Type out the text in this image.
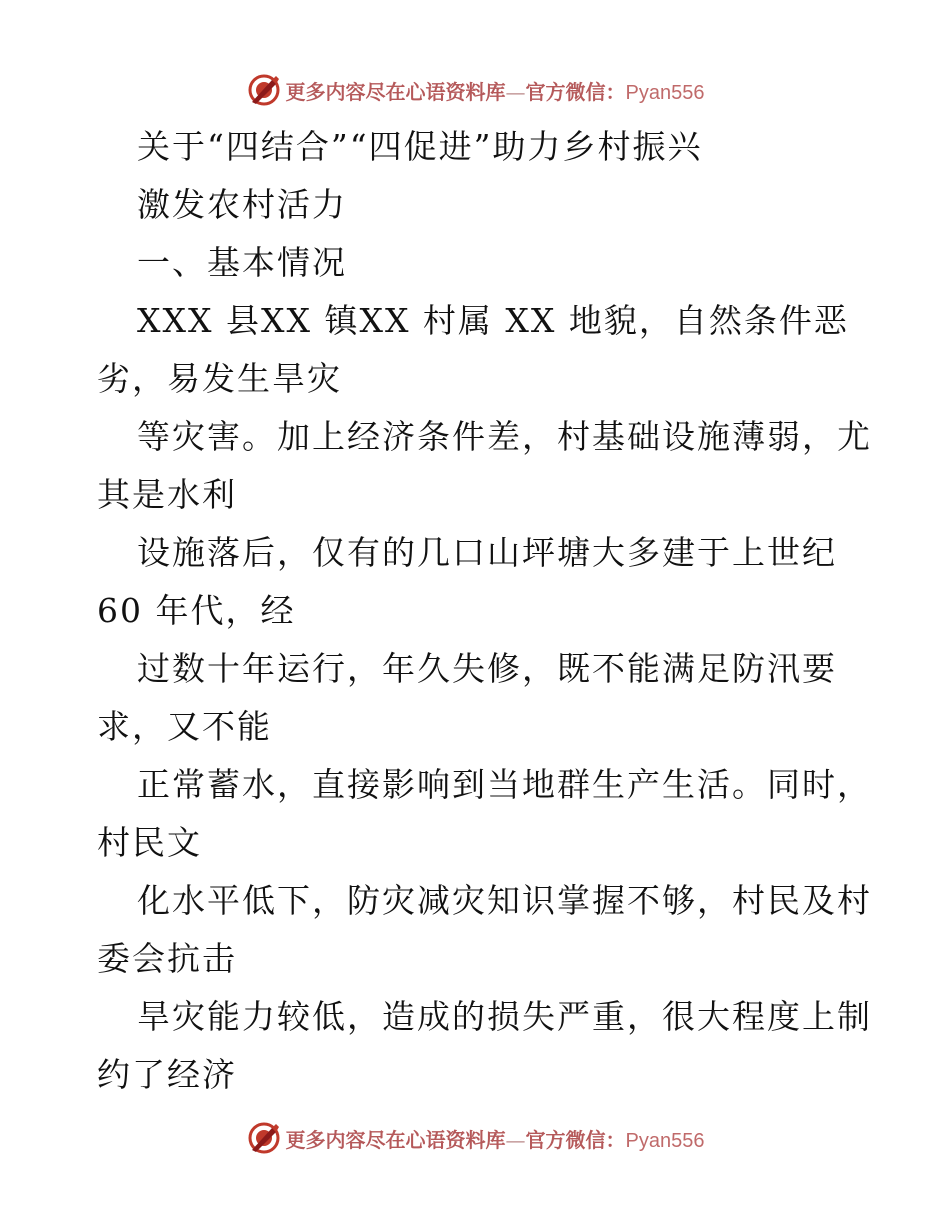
更多内容尽在心语资料库—官方微信：Pyan556
关于“四结合”“四促进”助力乡村振兴
激发农村活力
一、基本情况
XXX 县XX 镇XX 村属 XX 地貌，自然条件恶
劣，易发生旱灾
等灾害。加上经济条件差，村基础设施薄弱，尤
其是水利
设施落后，仅有的几口山坪塘大多建于上世纪
60 年代，经
过数十年运行，年久失修，既不能满足防汛要
求，又不能
正常蓄水，直接影响到当地群生产生活。同时，
村民文
化水平低下，防灾减灾知识掌握不够，村民及村
委会抗击
旱灾能力较低，造成的损失严重，很大程度上制
约了经济
更多内容尽在心语资料库—官方微信：Pyan556
